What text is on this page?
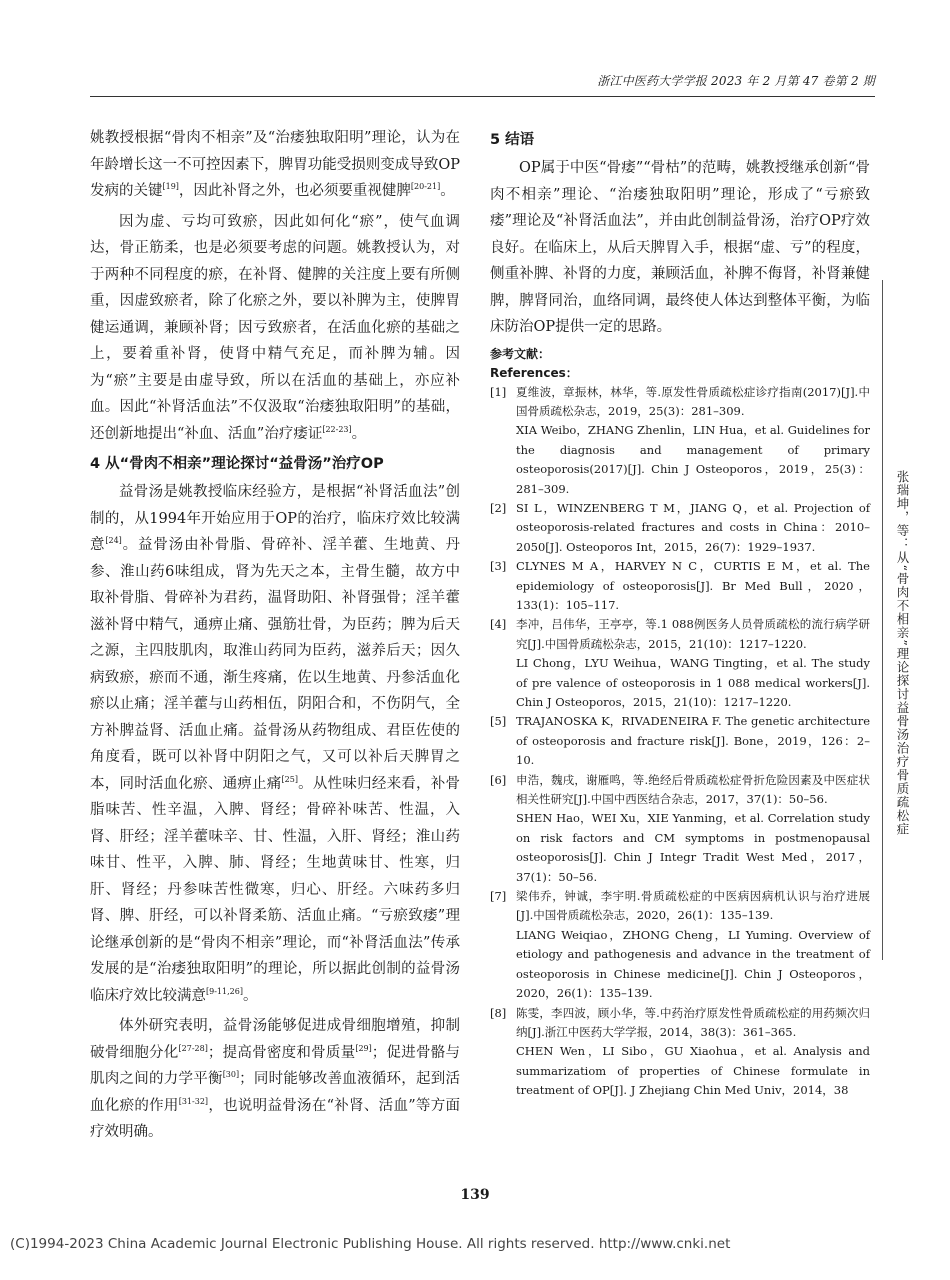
浙江中医药大学学报 2023 年 2 月第 47 卷第 2 期

姚教授根据“骨肉不相亲”及“治痿独取阳明”理论，认为在年龄增长这一不可控因素下，脾胃功能受损则变成导致OP发病的关键[19]，因此补肾之外，也必须要重视健脾[20-21]。

因为虚、亏均可致瘀，因此如何化“瘀”，使气血调达，骨正筋柔，也是必须要考虑的问题。姚教授认为，对于两种不同程度的瘀，在补肾、健脾的关注度上要有所侧重，因虚致瘀者，除了化瘀之外，要以补脾为主，使脾胃健运通调，兼顾补肾；因亏致瘀者，在活血化瘀的基础之上，要着重补肾，使肾中精气充足，而补脾为辅。因为“瘀”主要是由虚导致，所以在活血的基础上，亦应补血。因此“补肾活血法”不仅汲取“治痿独取阳明”的基础，还创新地提出“补血、活血”治疗痿证[22-23]。

4 从“骨肉不相亲”理论探讨“益骨汤”治疗OP

益骨汤是姚教授临床经验方，是根据“补肾活血法”创制的，从1994年开始应用于OP的治疗，临床疗效比较满意[24]。益骨汤由补骨脂、骨碎补、淫羊藿、生地黄、丹参、淮山药6味组成，肾为先天之本，主骨生髓，故方中取补骨脂、骨碎补为君药，温肾助阳、补肾强骨；淫羊藿滋补肾中精气，通痹止痛、强筋壮骨，为臣药；脾为后天之源，主四肢肌肉，取淮山药同为臣药，滋养后天；因久病致瘀，瘀而不通，渐生疼痛，佐以生地黄、丹参活血化瘀以止痛；淫羊藿与山药相伍，阴阳合和，不伤阴气，全方补脾益肾、活血止痛。益骨汤从药物组成、君臣佐使的角度看，既可以补肾中阴阳之气，又可以补后天脾胃之本，同时活血化瘀、通痹止痛[25]。从性味归经来看，补骨脂味苦、性辛温，入脾、肾经；骨碎补味苦、性温，入肾、肝经；淫羊藿味辛、甘、性温，入肝、肾经；淮山药味甘、性平，入脾、肺、肾经；生地黄味甘、性寒，归肝、肾经；丹参味苦性微寒，归心、肝经。六味药多归肾、脾、肝经，可以补肾柔筋、活血止痛。“亏瘀致痿”理论继承创新的是“骨肉不相亲”理论，而“补肾活血法”传承发展的是“治痿独取阳明”的理论，所以据此创制的益骨汤临床疗效比较满意[9-11,26]。

体外研究表明，益骨汤能够促进成骨细胞增殖，抑制破骨细胞分化[27-28]；提高骨密度和骨质量[29]；促进骨骼与肌肉之间的力学平衡[30]；同时能够改善血液循环，起到活血化瘀的作用[31-32]，也说明益骨汤在“补肾、活血”等方面疗效明确。

5 结语

OP属于中医“骨痿”“骨枯”的范畴，姚教授继承创新“骨肉不相亲”理论、“治痿独取阳明”理论，形成了“亏瘀致痿”理论及“补肾活血法”，并由此创制益骨汤，治疗OP疗效良好。在临床上，从后天脾胃入手，根据“虚、亏”的程度，侧重补脾、补肾的力度，兼顾活血，补脾不侮肾，补肾兼健脾，脾肾同治，血络同调，最终使人体达到整体平衡，为临床防治OP提供一定的思路。

参考文献：
References：
[1] 夏维波，章振林，林华，等.原发性骨质疏松症诊疗指南(2017)[J].中国骨质疏松杂志，2019，25(3)：281–309.
XIA Weibo，ZHANG Zhenlin，LIN Hua，et al. Guidelines for the diagnosis and management of primary osteoporosis(2017)[J]. Chin J Osteoporos，2019，25(3)：281–309.
[2] SI L，WINZENBERG T M，JIANG Q，et al. Projection of osteoporosis-related fractures and costs in China：2010–2050[J]. Osteoporos Int，2015，26(7)：1929–1937.
[3] CLYNES M A，HARVEY N C，CURTIS E M，et al. The epidemiology of osteoporosis[J]. Br Med Bull，2020，133(1)：105–117.
[4] 李冲，吕伟华，王亭亭，等.1 088例医务人员骨质疏松的流行病学研究[J].中国骨质疏松杂志，2015，21(10)：1217–1220.
LI Chong，LYU Weihua，WANG Tingting，et al. The study of pre valence of osteoporosis in 1 088 medical workers[J]. Chin J Osteoporos，2015，21(10)：1217–1220.
[5] TRAJANOSKA K，RIVADENEIRA F. The genetic architecture of osteoporosis and fracture risk[J]. Bone，2019，126：2–10.
[6] 申浩，魏戌，谢雁鸣，等.绝经后骨质疏松症骨折危险因素及中医症状相关性研究[J].中国中西医结合杂志，2017，37(1)：50–56.
SHEN Hao，WEI Xu，XIE Yanming，et al. Correlation study on risk factors and CM symptoms in postmenopausal osteoporosis[J]. Chin J Integr Tradit West Med，2017，37(1)：50–56.
[7] 梁伟乔，钟诚，李宇明.骨质疏松症的中医病因病机认识与治疗进展[J].中国骨质疏松杂志，2020，26(1)：135–139.
LIANG Weiqiao，ZHONG Cheng，LI Yuming. Overview of etiology and pathogenesis and advance in the treatment of osteoporosis in Chinese medicine[J]. Chin J Osteoporos，2020，26(1)：135–139.
[8] 陈雯，李四波，顾小华，等.中药治疗原发性骨质疏松症的用药频次归纳[J].浙江中医药大学学报，2014，38(3)：361–365.
CHEN Wen，LI Sibo，GU Xiaohua，et al. Analysis and summarizatiom of properties of Chinese formulate in treatment of OP[J]. J Zhejiang Chin Med Univ，2014，38
张瑞坤，等：从“骨肉不相亲”理论探讨益骨汤治疗骨质疏松症
139
(C)1994-2023 China Academic Journal Electronic Publishing House. All rights reserved. http://www.cnki.net
